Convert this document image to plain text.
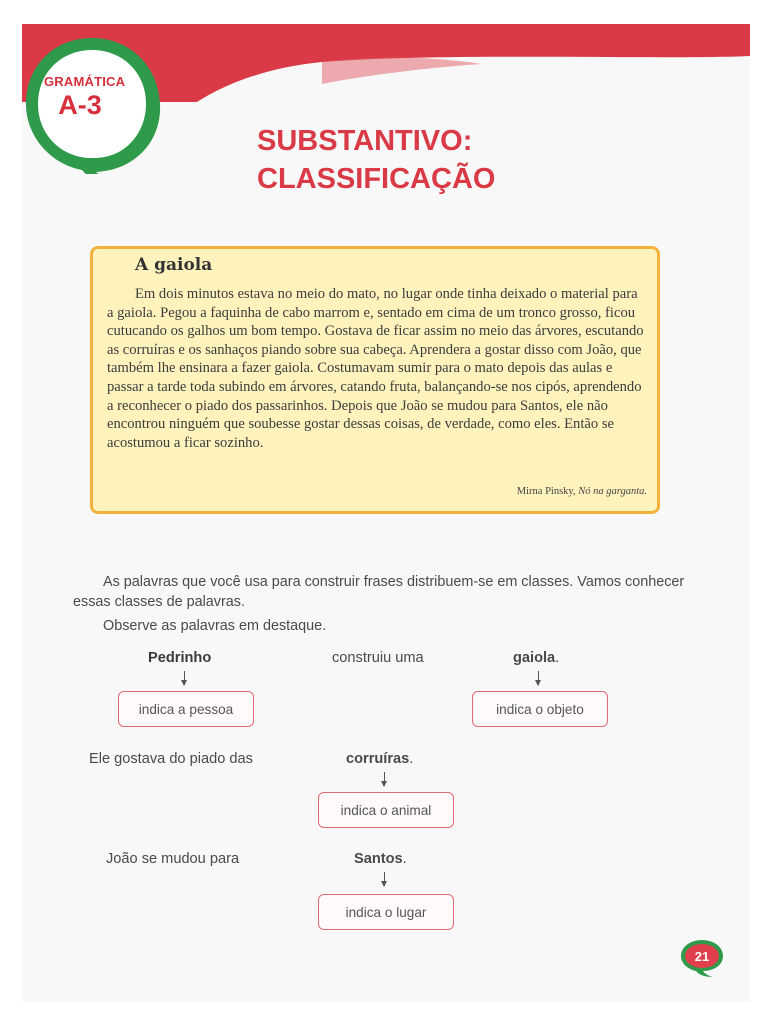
GRAMÁTICA
A-3
SUBSTANTIVO:
CLASSIFICAÇÃO
A gaiola
Em dois minutos estava no meio do mato, no lugar onde tinha deixado o material para a gaiola. Pegou a faquinha de cabo marrom e, sentado em cima de um tronco grosso, ficou cutucando os galhos um bom tempo. Gostava de ficar assim no meio das árvores, escutando as corruíras e os sanhaços piando sobre sua cabeça. Aprendera a gostar disso com João, que também lhe ensinara a fazer gaiola. Costumavam sumir para o mato depois das aulas e passar a tarde toda subindo em árvores, catando fruta, balançando-se nos cipós, aprendendo a reconhecer o piado dos passarinhos. Depois que João se mudou para Santos, ele não encontrou ninguém que soubesse gostar dessas coisas, de verdade, como eles. Então se acostumou a ficar sozinho.
Mirna Pinsky, Nó na garganta.

As palavras que você usa para construir frases distribuem-se em classes. Vamos conhecer essas classes de palavras.

Observe as palavras em destaque.

Pedrinho	construiu uma	gaiola.
indica a pessoa	indica o objeto
Ele gostava do piado das	corruíras.
indica o animal
João se mudou para	Santos.
indica o lugar
21
